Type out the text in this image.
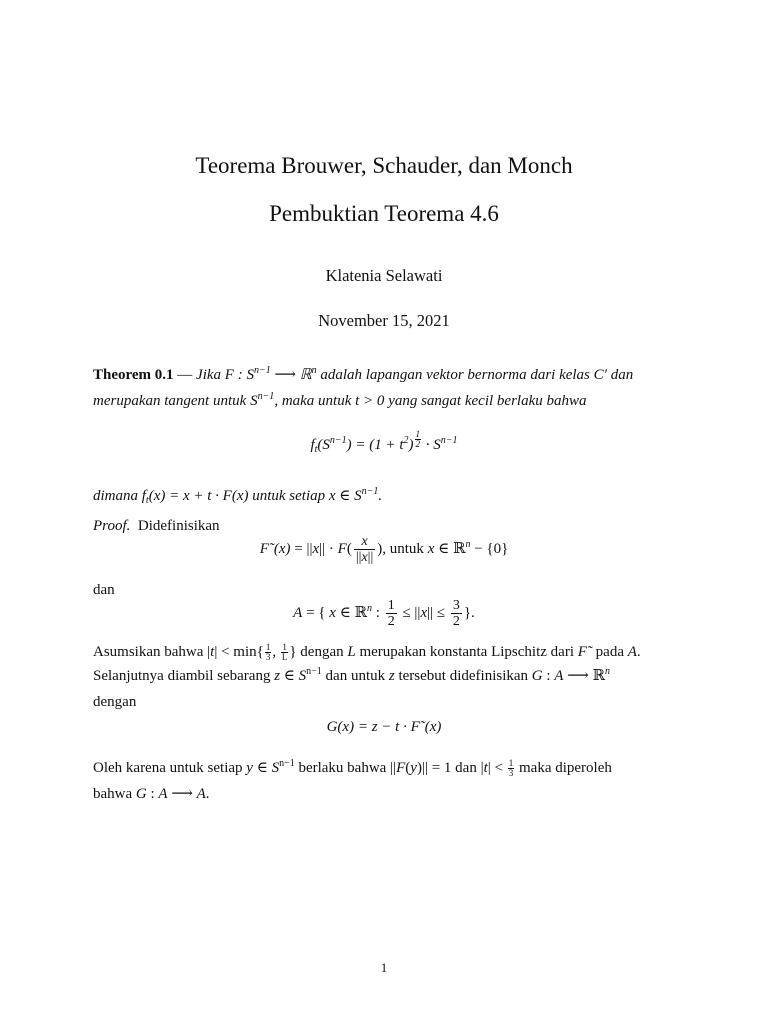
Teorema Brouwer, Schauder, dan Monch
Pembuktian Teorema 4.6
Klatenia Selawati
November 15, 2021
Theorem 0.1 — Jika F : $S^{n-1}$ ⟶ ℝ$^n$ adalah lapangan vektor bernorma dari kelas C′ dan
merupakan tangent untuk $S^{n-1}$, maka untuk t > 0 yang sangat kecil berlaku bahwa
$f_t(S^{n-1}) = (1 + t^2) \frac{1}{2} \cdot S^{n-1}$
dimana $f_t(x) = x + t \cdot F(x)$ untuk setiap x ∈ $S^{n-1}$.
Proof. Didefinisikan
F˜(x) = $||x|| \cdot F( \frac{x}{||x||}$ ), untuk x ∈ ℝ$^n$ − {0}
dan
A = { x ∈ ℝ$^n$ : $\frac{1}{2} \le ||x|| \le \frac{3}{2}$ }.
Asumsikan bahwa $|t| < \min\{ \frac{1}{3}$ , $\frac{1}{L}$ } dengan L merupakan konstanta Lipschitz dari F˜ pada A.
Selanjutnya diambil sebarang z ∈ $S^{n-1}$ dan untuk z tersebut didefinisikan G : A ⟶ ℝ$^n$
dengan
G(x) = z − t · F˜(x)
Oleh karena untuk setiap y ∈ $S^{n-1}$ berlaku bahwa ||F(y)|| = 1 dan $|t| < \frac{1}{3}$ maka diperoleh
bahwa G : A ⟶ A.
1
